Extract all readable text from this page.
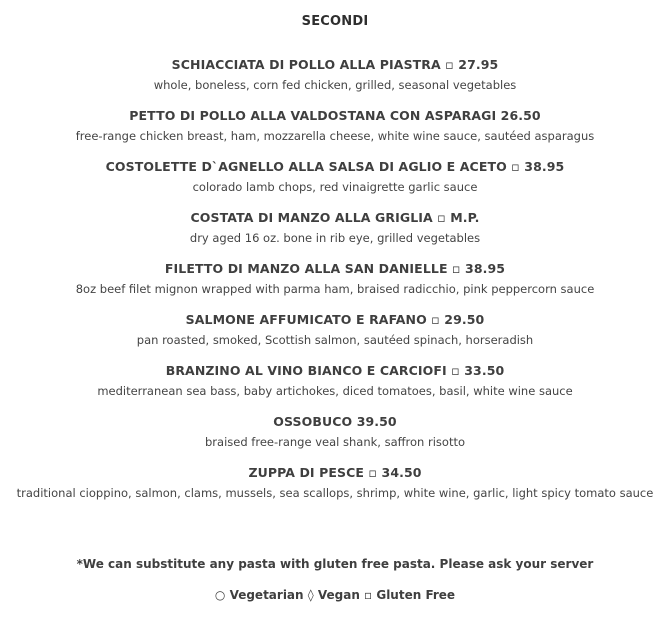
SECONDI
SCHIACCIATA DI POLLO ALLA PIASTRA ▫ 27.95
whole, boneless, corn fed chicken, grilled, seasonal vegetables
PETTO DI POLLO ALLA VALDOSTANA CON ASPARAGI 26.50
free-range chicken breast, ham, mozzarella cheese, white wine sauce, sautéed asparagus
COSTOLETTE D`AGNELLO ALLA SALSA DI AGLIO E ACETO ▫ 38.95
colorado lamb chops, red vinaigrette garlic sauce
COSTATA DI MANZO ALLA GRIGLIA ▫ M.P.
dry aged 16 oz. bone in rib eye, grilled vegetables
FILETTO DI MANZO ALLA SAN DANIELLE ▫ 38.95
8oz beef filet mignon wrapped with parma ham, braised radicchio, pink peppercorn sauce
SALMONE AFFUMICATO E RAFANO ▫ 29.50
pan roasted, smoked, Scottish salmon, sautéed spinach, horseradish
BRANZINO AL VINO BIANCO E CARCIOFI ▫ 33.50
mediterranean sea bass, baby artichokes, diced tomatoes, basil, white wine sauce
OSSOBUCO 39.50
braised free-range veal shank, saffron risotto
ZUPPA DI PESCE ▫ 34.50
traditional cioppino, salmon, clams, mussels, sea scallops, shrimp, white wine, garlic, light spicy tomato sauce
*We can substitute any pasta with gluten free pasta. Please ask your server
○ Vegetarian ◊ Vegan ▫ Gluten Free
